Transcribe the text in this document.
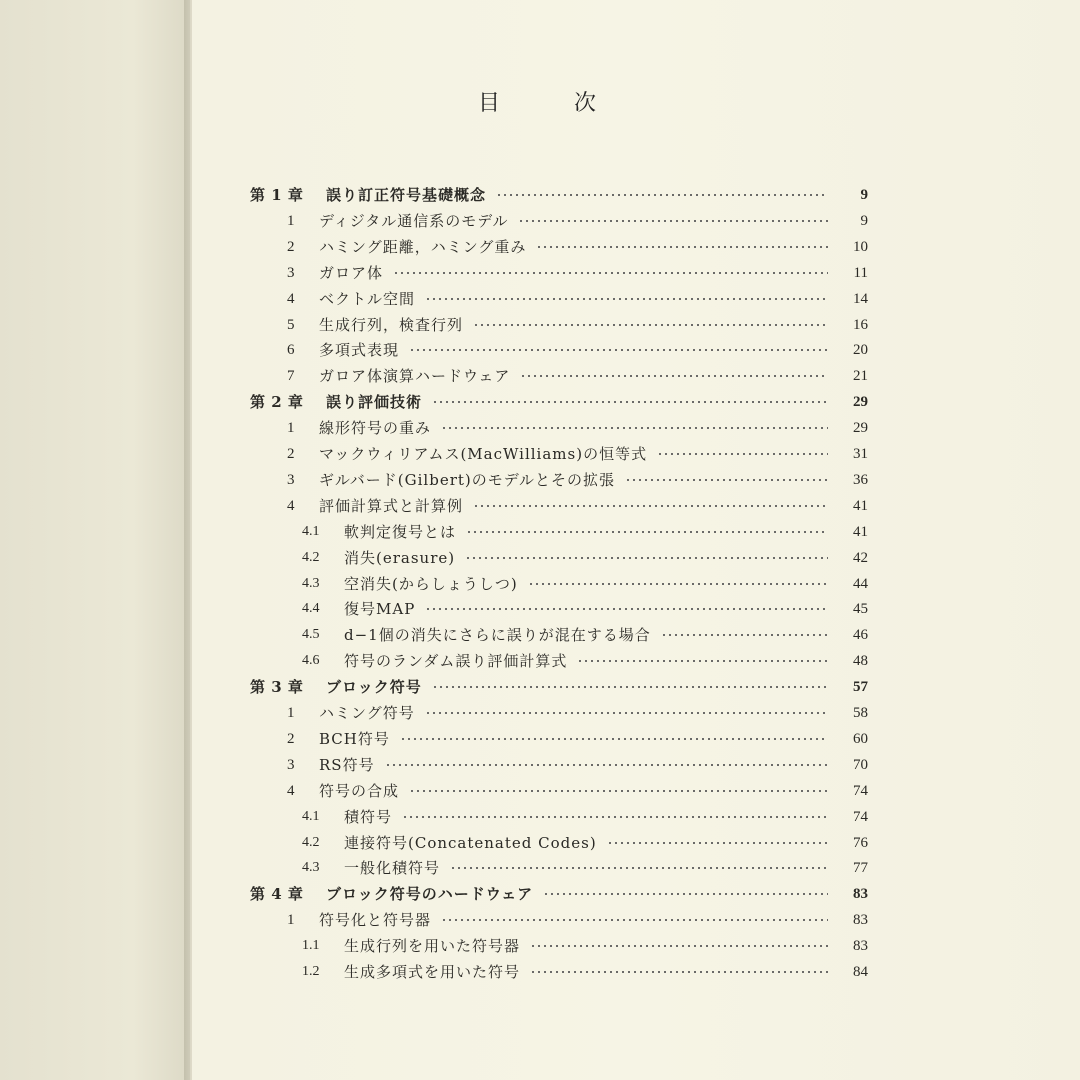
目　次
第 1 章	誤り訂正符号基礎概念	9
1	ディジタル通信系のモデル	9
2	ハミング距離，ハミング重み	10
3	ガロア体	11
4	ベクトル空間	14
5	生成行列，検査行列	16
6	多項式表現	20
7	ガロア体演算ハードウェア	21
第 2 章	誤り評価技術	29
1	線形符号の重み	29
2	マックウィリアムス(MacWilliams)の恒等式	31
3	ギルバード(Gilbert)のモデルとその拡張	36
4	評価計算式と計算例	41
4.1	軟判定復号とは	41
4.2	消失(erasure)	42
4.3	空消失(からしょうしつ)	44
4.4	復号MAP	45
4.5	d−1個の消失にさらに誤りが混在する場合	46
4.6	符号のランダム誤り評価計算式	48
第 3 章	ブロック符号	57
1	ハミング符号	58
2	BCH符号	60
3	RS符号	70
4	符号の合成	74
4.1	積符号	74
4.2	連接符号(Concatenated Codes)	76
4.3	一般化積符号	77
第 4 章	ブロック符号のハードウェア	83
1	符号化と符号器	83
1.1	生成行列を用いた符号器	83
1.2	生成多項式を用いた符号	84
